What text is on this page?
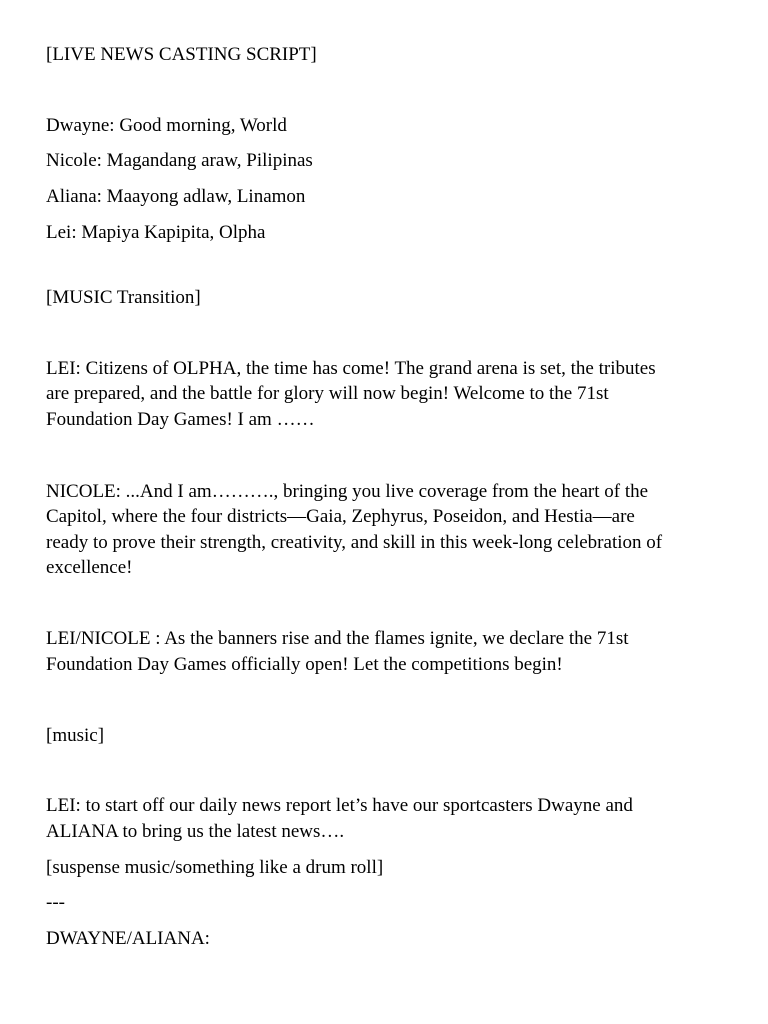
[LIVE NEWS CASTING SCRIPT]

Dwayne: Good morning, World

Nicole: Magandang araw, Pilipinas

Aliana: Maayong adlaw, Linamon

Lei: Mapiya Kapipita, Olpha

[MUSIC Transition]

LEI: Citizens of OLPHA, the time has come! The grand arena is set, the tributes

are prepared, and the battle for glory will now begin! Welcome to the 71st

Foundation Day Games! I am ……

NICOLE: ...And I am………., bringing you live coverage from the heart of the

Capitol, where the four districts—Gaia, Zephyrus, Poseidon, and Hestia—are

ready to prove their strength, creativity, and skill in this week-long celebration of

excellence!

LEI/NICOLE : As the banners rise and the flames ignite, we declare the 71st

Foundation Day Games officially open! Let the competitions begin!

[music]

LEI: to start off our daily news report let’s have our sportcasters Dwayne and

ALIANA to bring us the latest news….

[suspense music/something like a drum roll]

---

DWAYNE/ALIANA:
